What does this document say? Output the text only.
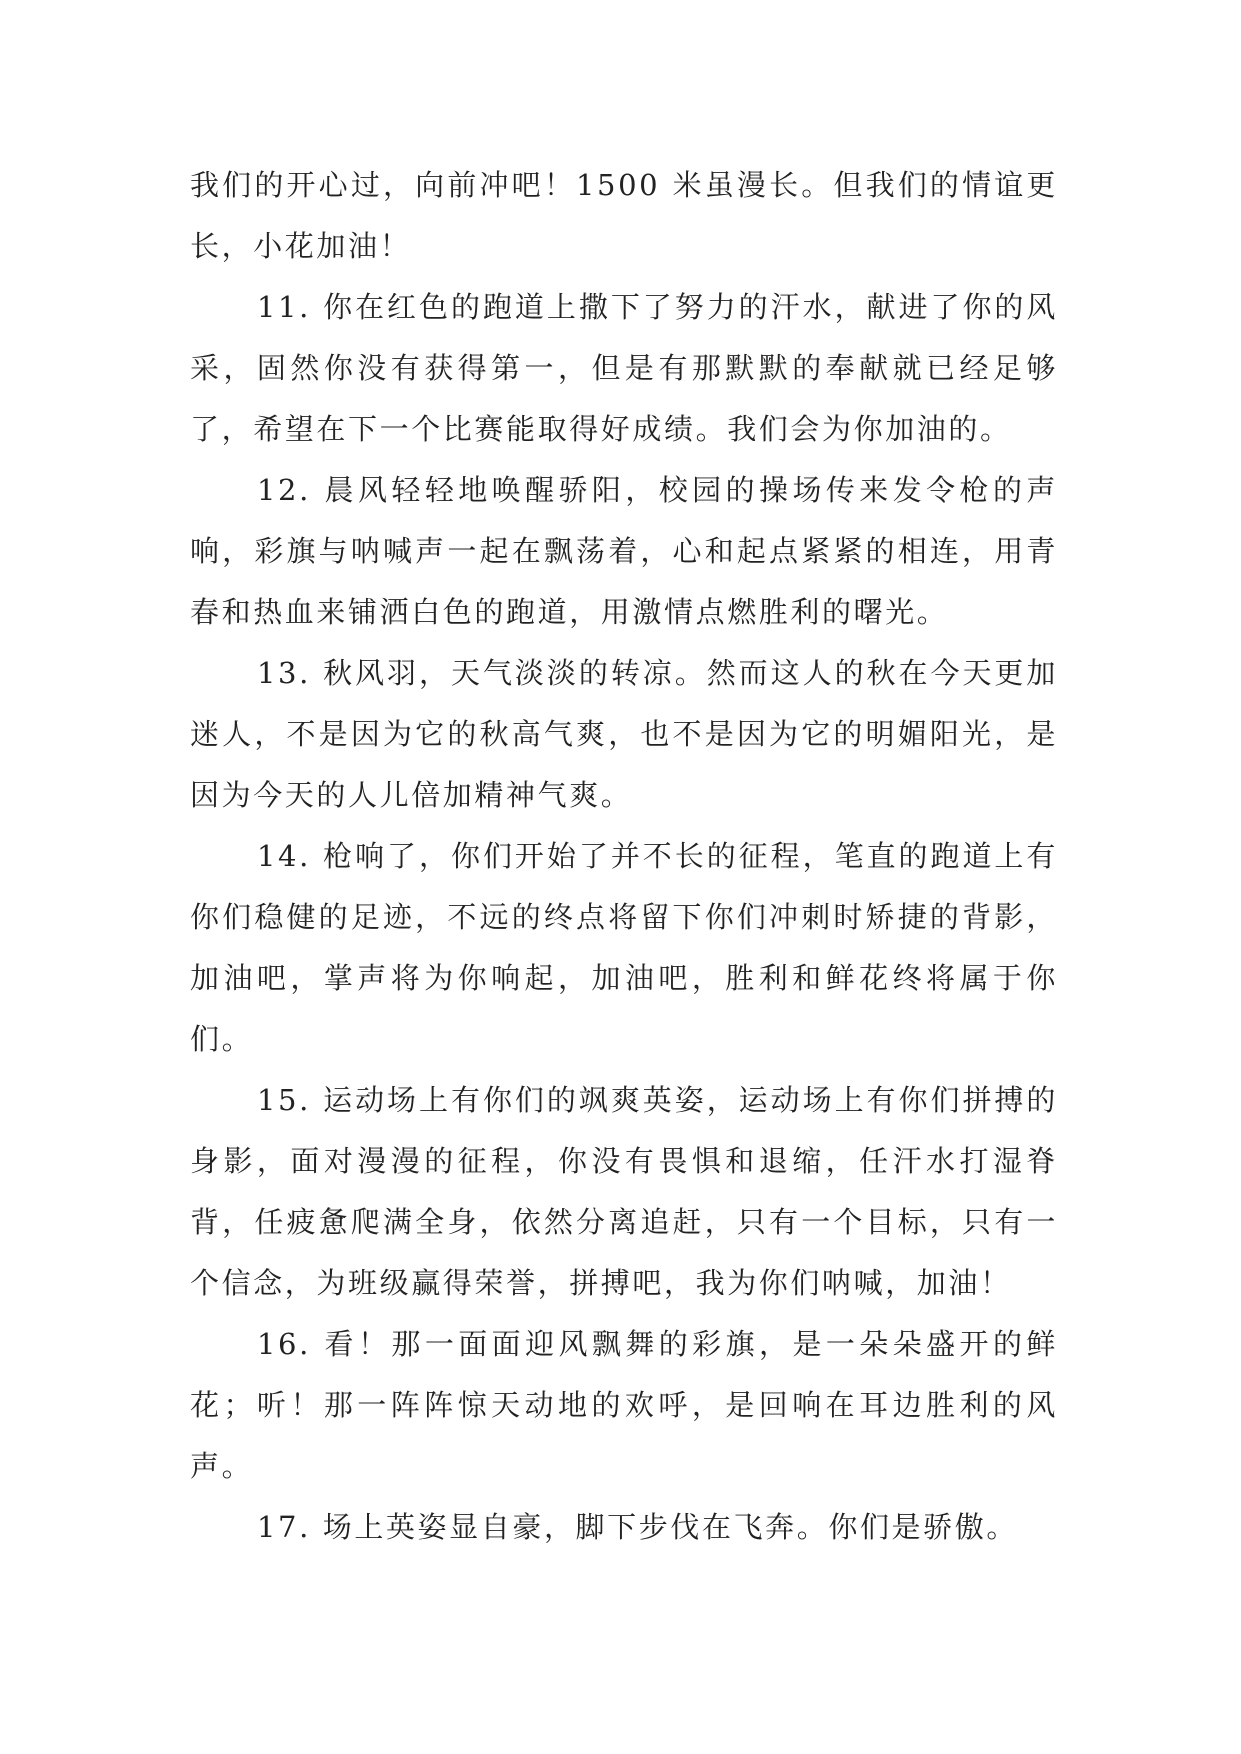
我们的开心过，向前冲吧！1500 米虽漫长。但我们的情谊更长，小花加油！

11. 你在红色的跑道上撒下了努力的汗水，献进了你的风采，固然你没有获得第一，但是有那默默的奉献就已经足够了，希望在下一个比赛能取得好成绩。我们会为你加油的。

12. 晨风轻轻地唤醒骄阳，校园的操场传来发令枪的声响，彩旗与呐喊声一起在飘荡着，心和起点紧紧的相连，用青春和热血来铺洒白色的跑道，用激情点燃胜利的曙光。

13. 秋风羽，天气淡淡的转凉。然而这人的秋在今天更加迷人，不是因为它的秋高气爽，也不是因为它的明媚阳光，是因为今天的人儿倍加精神气爽。

14. 枪响了，你们开始了并不长的征程，笔直的跑道上有你们稳健的足迹，不远的终点将留下你们冲刺时矫捷的背影，加油吧，掌声将为你响起，加油吧，胜利和鲜花终将属于你们。

15. 运动场上有你们的飒爽英姿，运动场上有你们拼搏的身影，面对漫漫的征程，你没有畏惧和退缩，任汗水打湿脊背，任疲惫爬满全身，依然分离追赶，只有一个目标，只有一个信念，为班级赢得荣誉，拼搏吧，我为你们呐喊，加油！

16. 看！那一面面迎风飘舞的彩旗，是一朵朵盛开的鲜花；听！那一阵阵惊天动地的欢呼，是回响在耳边胜利的风声。

17. 场上英姿显自豪，脚下步伐在飞奔。你们是骄傲。
